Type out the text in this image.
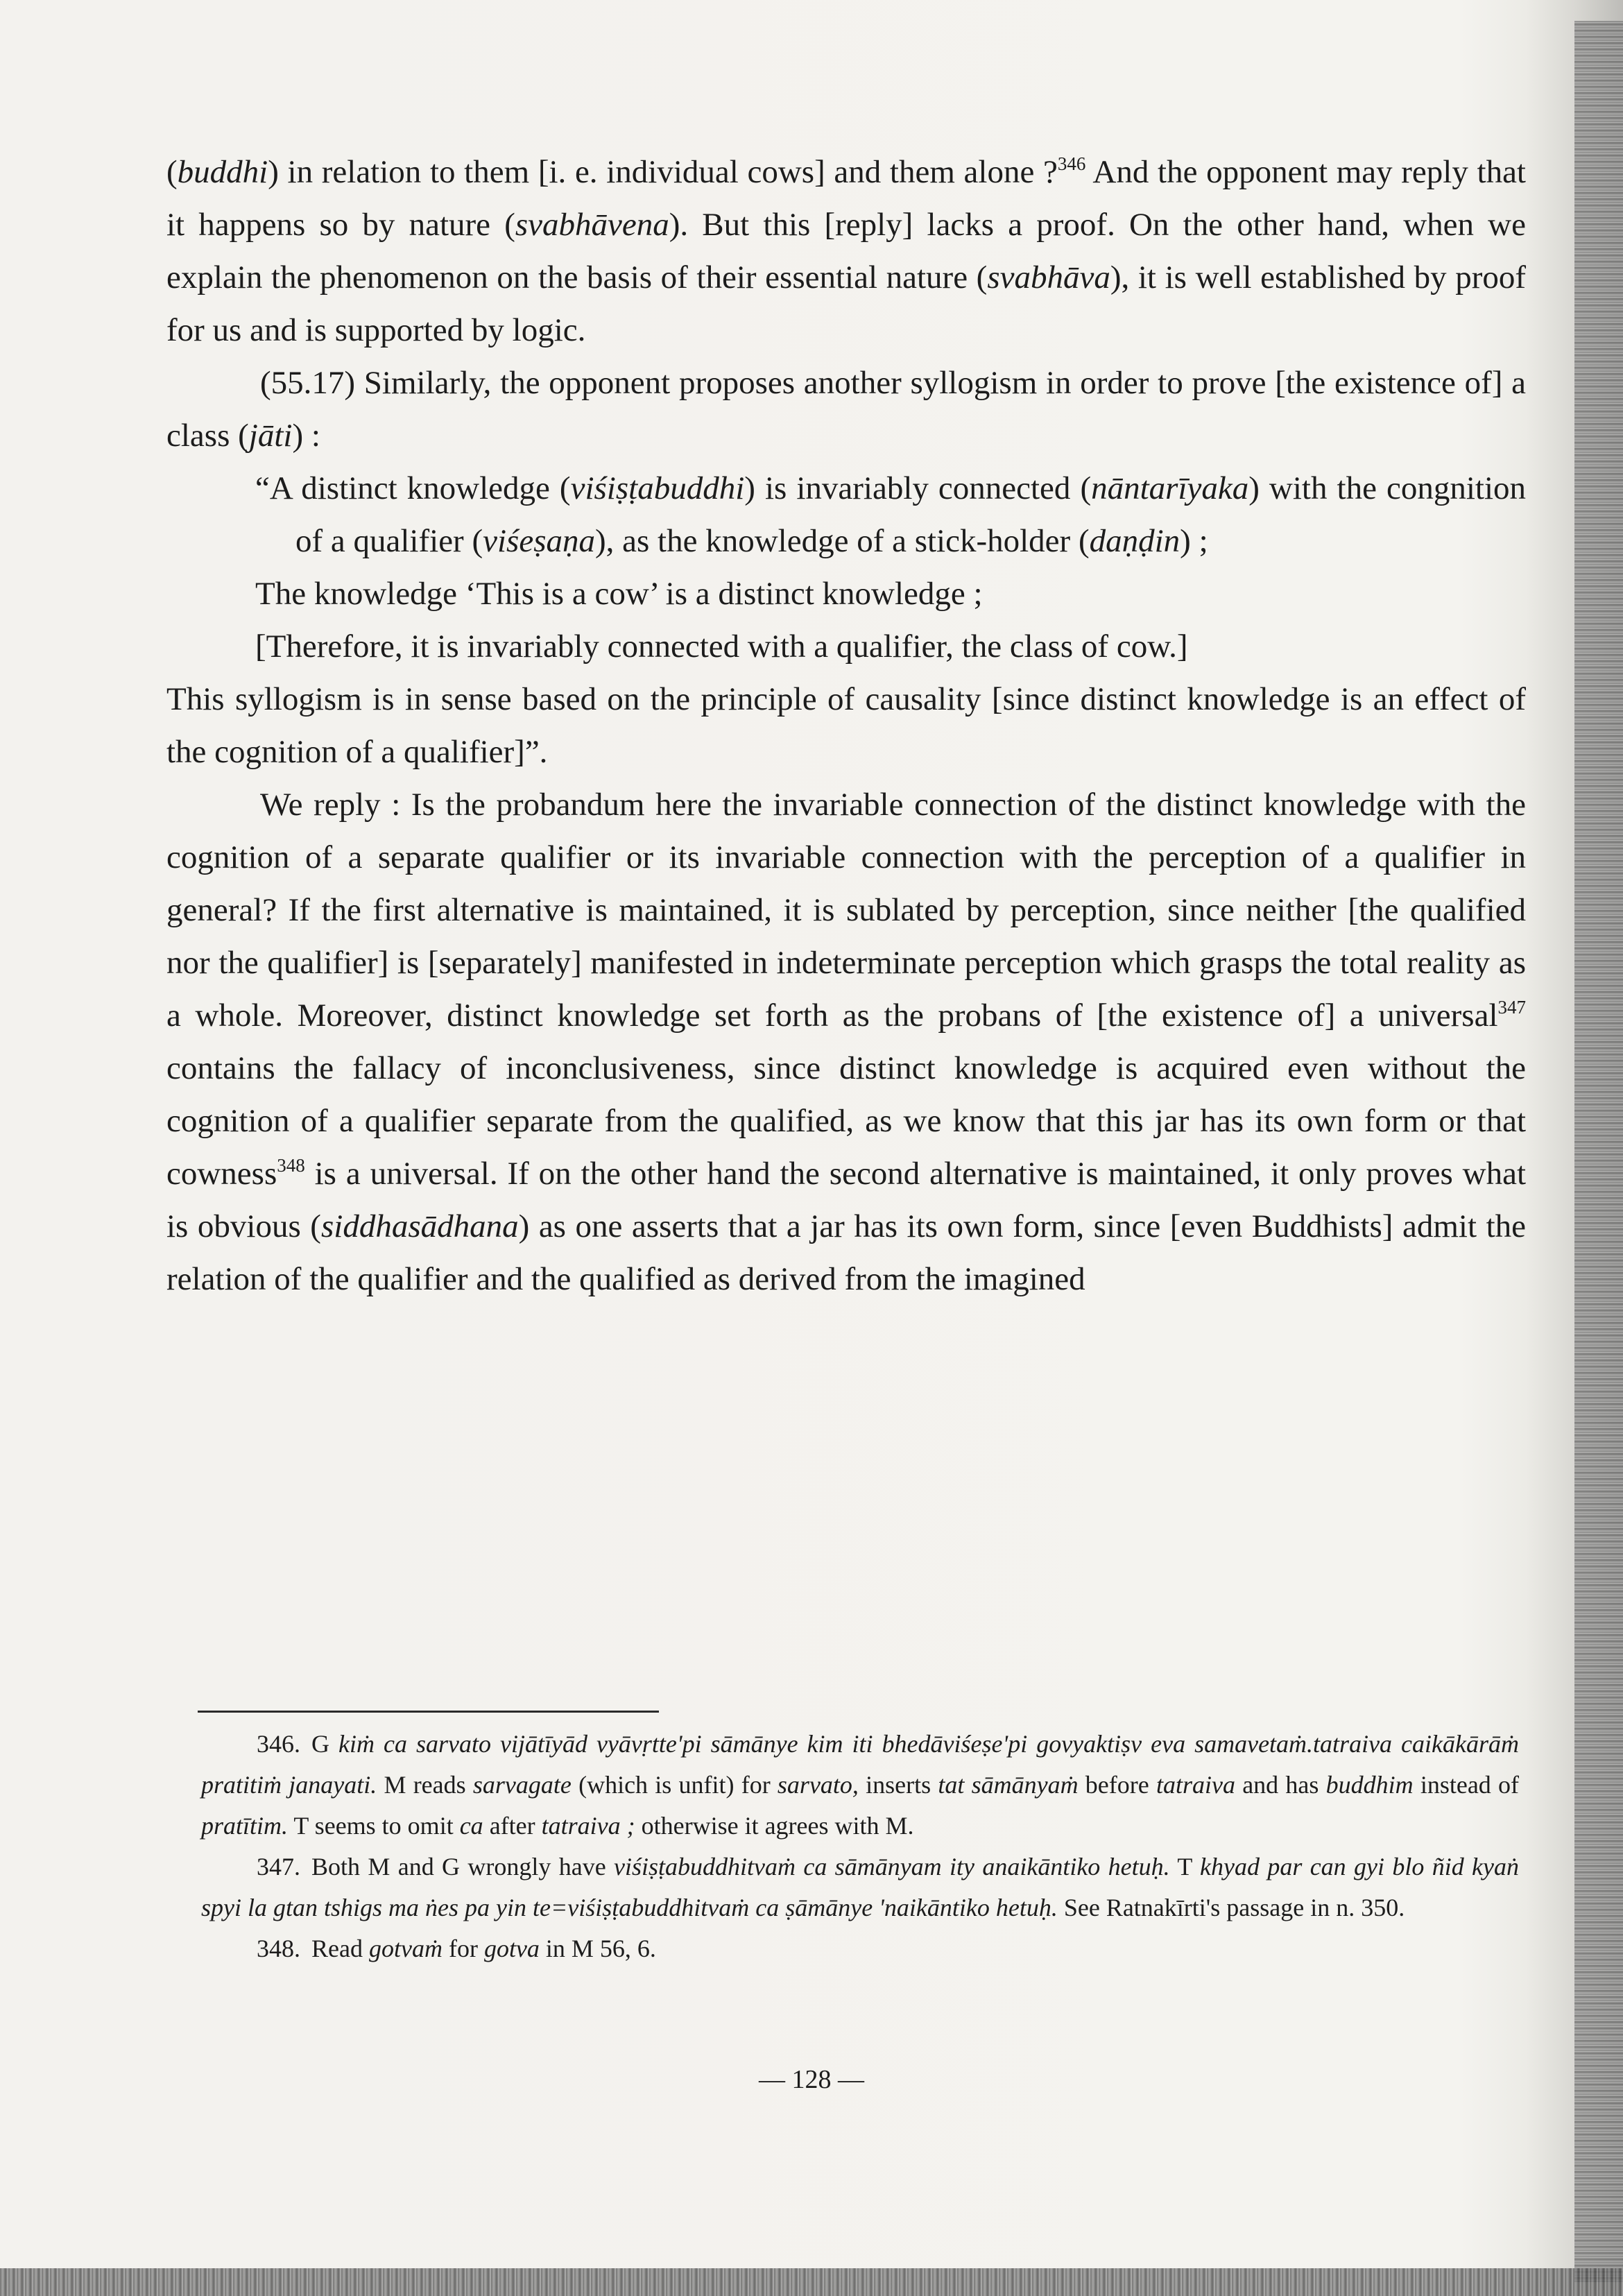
(buddhi) in relation to them [i. e. individual cows] and them alone ?$^{346}$ And the opponent may reply that it happens so by nature (svabhāvena). But this [reply] lacks a proof. On the other hand, when we explain the phenomenon on the basis of their essential nature (svabhāva), it is well established by proof for us and is supported by logic.

(55.17) Similarly, the opponent proposes another syllogism in order to prove [the existence of] a class (jāti) :

“A distinct knowledge (viśiṣṭabuddhi) is invariably connected (nāntarīyaka) with the congnition of a qualifier (viśeṣaṇa), as the knowledge of a stick-holder (daṇḍin) ;

The knowledge ‘This is a cow’ is a distinct knowledge ;

[Therefore, it is invariably connected with a qualifier, the class of cow.]

This syllogism is in sense based on the principle of causality [since distinct knowledge is an effect of the cognition of a qualifier]”.

We reply : Is the probandum here the invariable connection of the distinct knowledge with the cognition of a separate qualifier or its invariable connection with the perception of a qualifier in general? If the first alternative is maintained, it is sublated by perception, since neither [the qualified nor the qualifier] is [separately] manifested in indeterminate perception which grasps the total reality as a whole. Moreover, distinct knowledge set forth as the probans of [the existence of] a universal$^{347}$ contains the fallacy of inconclusiveness, since distinct knowledge is acquired even without the cognition of a qualifier separate from the qualified, as we know that this jar has its own form or that cowness$^{348}$ is a universal. If on the other hand the second alternative is maintained, it only proves what is obvious (siddhasādhana) as one asserts that a jar has its own form, since [even Buddhists] admit the relation of the qualifier and the qualified as derived from the imagined

346. G kiṁ ca sarvato vijātīyād vyāvṛtte'pi sāmānye kim iti bhedāviśeṣe'pi govyaktiṣv eva samavetaṁ.tatraiva caikākārāṁ pratitiṁ janayati. M reads sarvagate (which is unfit) for sarvato, inserts tat sāmānyaṁ before tatraiva and has buddhim instead of pratītim. T seems to omit ca after tatraiva ; otherwise it agrees with M.

347. Both M and G wrongly have viśiṣṭabuddhitvaṁ ca sāmānyam ity anaikāntiko hetuḥ. T khyad par can gyi blo ñid kyaṅ spyi la gtan tshigs ma ṅes pa yin te=viśiṣṭabuddhitvaṁ ca ṣāmānye 'naikāntiko hetuḥ. See Ratnakīrti's passage in n. 350.

348. Read gotvaṁ for gotva in M 56, 6.

— 128 —
